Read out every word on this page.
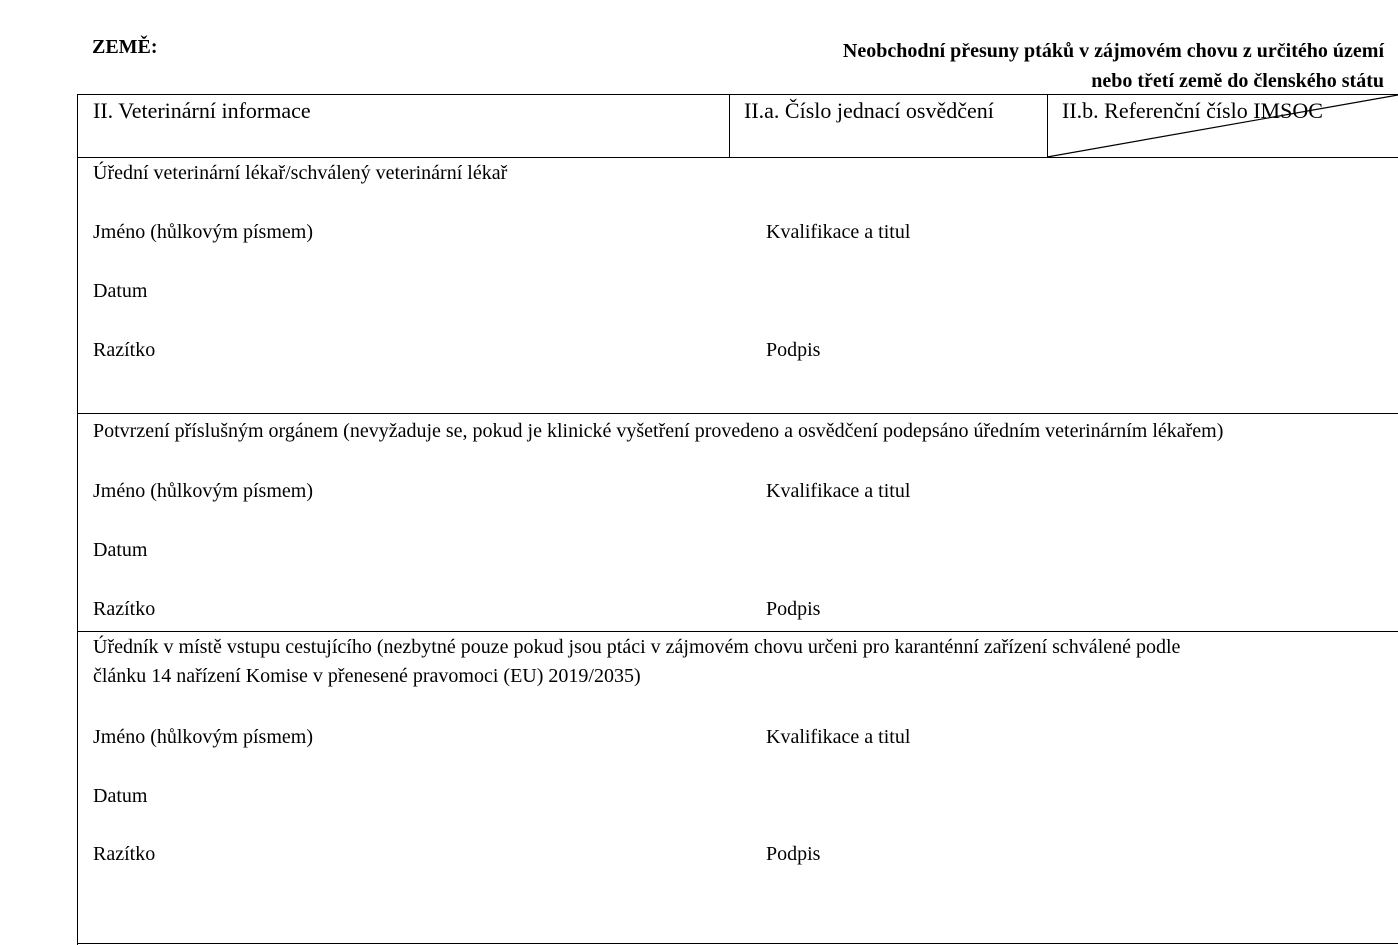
ZEMĚ:	Neobchodní přesuny ptáků v zájmovém chovu z určitého území
nebo třetí země do členského státu
II. Veterinární informace	II.a. Číslo jednací osvědčení	II.b. Referenční číslo IMSOC
Úřední veterinární lékař/schválený veterinární lékař
Jméno (hůlkovým písmem)	Kvalifikace a titul
Datum
Razítko	Podpis
Potvrzení příslušným orgánem (nevyžaduje se, pokud je klinické vyšetření provedeno a osvědčení podepsáno úředním veterinárním lékařem)
Jméno (hůlkovým písmem)	Kvalifikace a titul
Datum
Razítko	Podpis
Úředník v místě vstupu cestujícího (nezbytné pouze pokud jsou ptáci v zájmovém chovu určeni pro karanténní zařízení schválené podle
článku 14 nařízení Komise v přenesené pravomoci (EU) 2019/2035)
Jméno (hůlkovým písmem)	Kvalifikace a titul
Datum
Razítko	Podpis
